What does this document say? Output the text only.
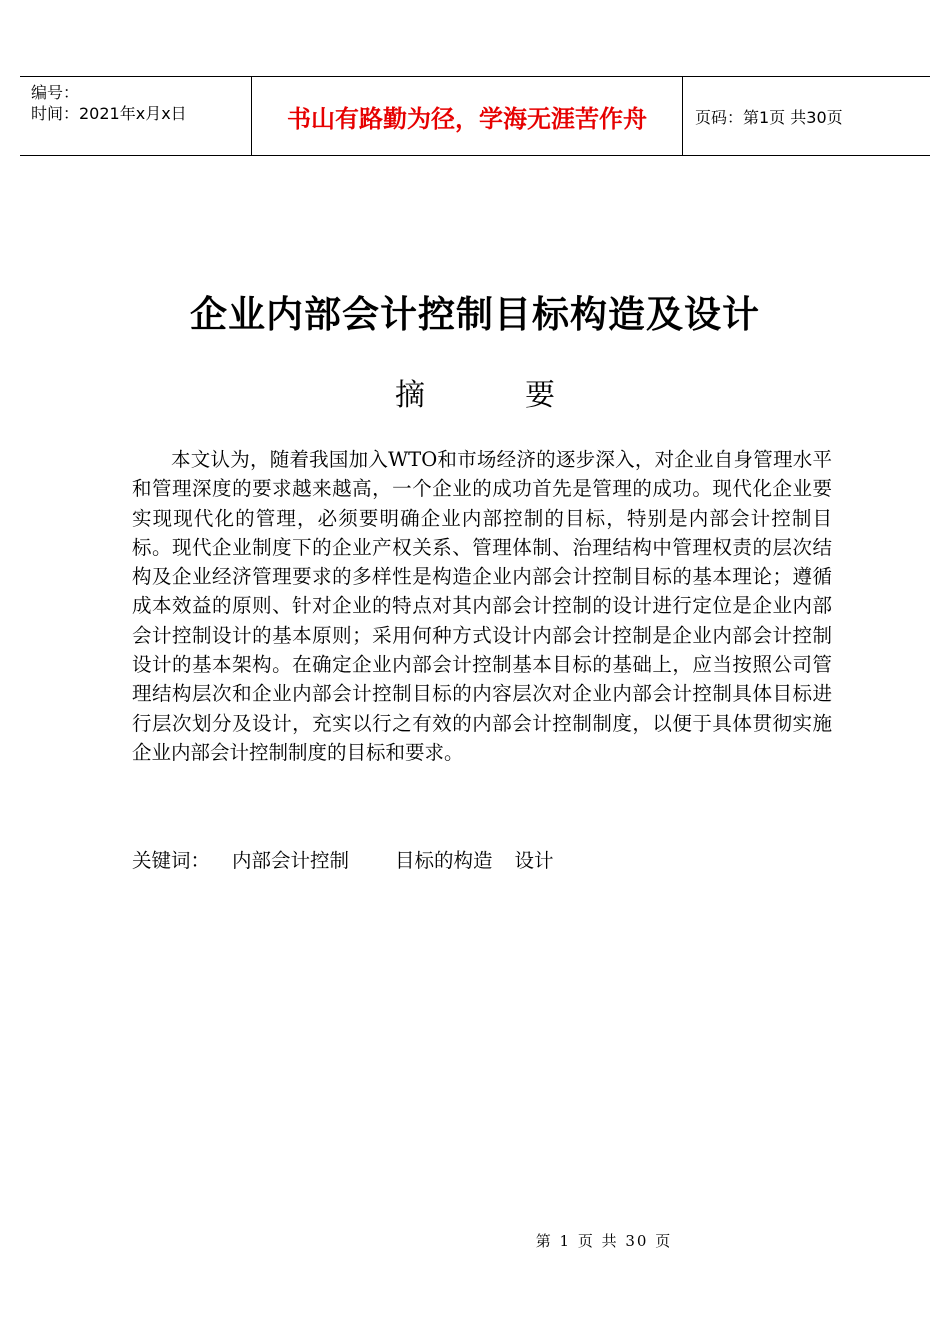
编号：
时间：2021年x月x日	书山有路勤为径，学海无涯苦作舟	页码：第1页 共30页
企业内部会计控制目标构造及设计
摘	要

本文认为，随着我国加入WTO和市场经济的逐步深入，对企业自身管理水平和管理深度的要求越来越高，一个企业的成功首先是管理的成功。现代化企业要实现现代化的管理，必须要明确企业内部控制的目标，特别是内部会计控制目标。现代企业制度下的企业产权关系、管理体制、治理结构中管理权责的层次结构及企业经济管理要求的多样性是构造企业内部会计控制目标的基本理论；遵循成本效益的原则、针对企业的特点对其内部会计控制的设计进行定位是企业内部会计控制设计的基本原则；采用何种方式设计内部会计控制是企业内部会计控制设计的基本架构。在确定企业内部会计控制基本目标的基础上，应当按照公司管理结构层次和企业内部会计控制目标的内容层次对企业内部会计控制具体目标进行层次划分及设计，充实以行之有效的内部会计控制制度，以便于具体贯彻实施企业内部会计控制制度的目标和要求。

关键词： 内部会计控制 目标的构造 设计
第 1 页 共 30 页
